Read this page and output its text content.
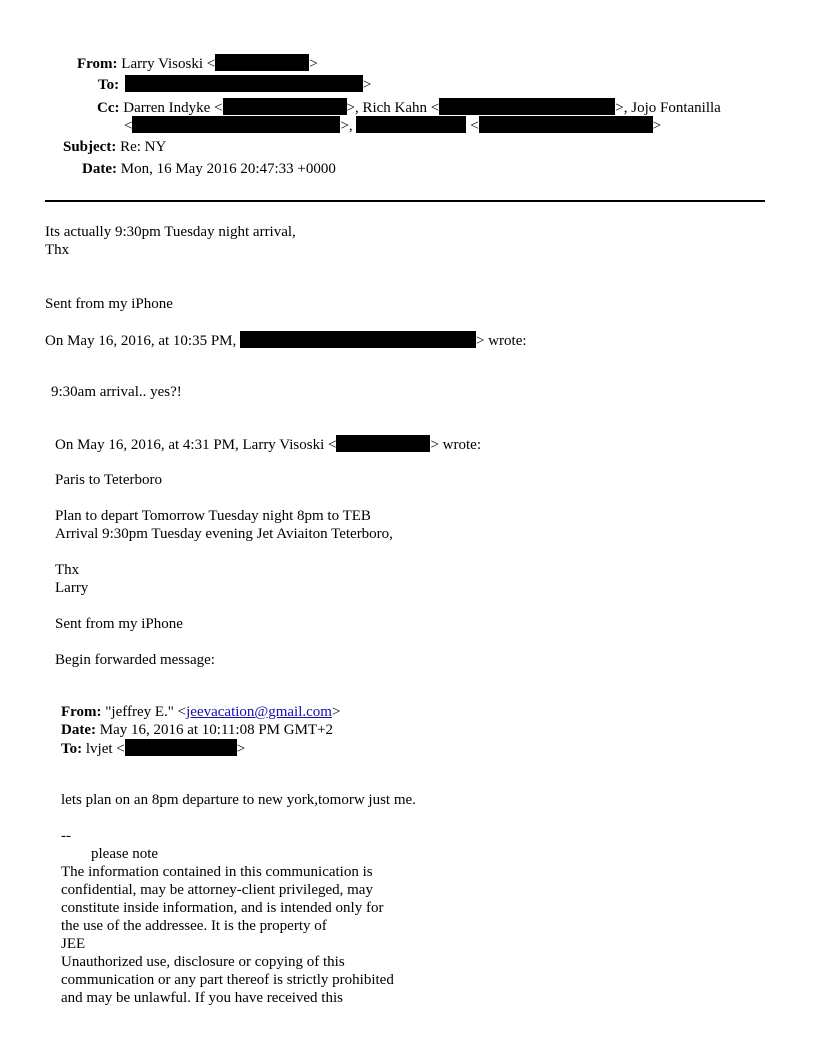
From: Larry Visoski <	>
To:	>
Cc: Darren Indyke <	>, Rich Kahn <	>, Jojo Fontanilla
<	>,	<	>
Subject: Re: NY
Date: Mon, 16 May 2016 20:47:33 +0000
Its actually 9:30pm Tuesday night arrival,
Thx
Sent from my iPhone
On May 16, 2016, at 10:35 PM,	> wrote:
9:30am arrival.. yes?!
On May 16, 2016, at 4:31 PM, Larry Visoski <	> wrote:
Paris to Teterboro
Plan to depart Tomorrow Tuesday night 8pm to TEB
Arrival 9:30pm Tuesday evening Jet Aviaiton Teterboro,
Thx
Larry
Sent from my iPhone
Begin forwarded message:
From: "jeffrey E." <jeevacation@gmail.com>
Date: May 16, 2016 at 10:11:08 PM GMT+2
To: lvjet <	>
lets plan on an 8pm departure to new york,tomorw just me.
--
please note
The information contained in this communication is
confidential, may be attorney-client privileged, may
constitute inside information, and is intended only for
the use of the addressee. It is the property of
JEE
Unauthorized use, disclosure or copying of this
communication or any part thereof is strictly prohibited
and may be unlawful. If you have received this
